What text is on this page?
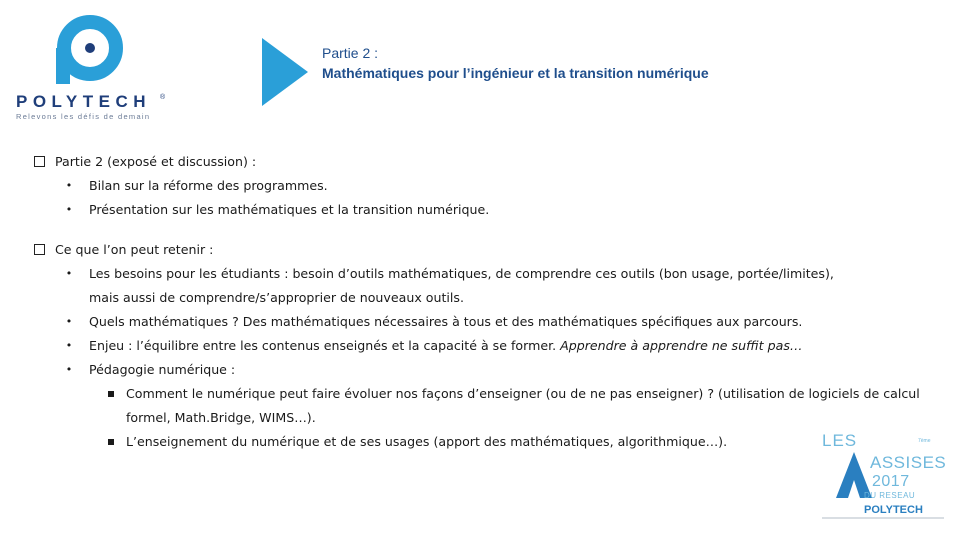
POLYTECH ®
Relevons les défis de demain
Partie 2 :
Mathématiques pour l’ingénieur et la transition numérique
Partie 2 (exposé et discussion) :
• Bilan sur la réforme des programmes.
• Présentation sur les mathématiques et la transition numérique.
Ce que l’on peut retenir :
• Les besoins pour les étudiants : besoin d’outils mathématiques, de comprendre ces outils (bon usage, portée/limites), mais aussi de comprendre/s’approprier de nouveaux outils.
• Quels mathématiques ? Des mathématiques nécessaires à tous et des mathématiques spécifiques aux parcours.
• Enjeu : l’équilibre entre les contenus enseignés et la capacité à se former. Apprendre à apprendre ne suffit pas…
• Pédagogie numérique :
Comment le numérique peut faire évoluer nos façons d’enseigner (ou de ne pas enseigner) ? (utilisation de logiciels de calcul formel, Math.Bridge, WIMS…).
L’enseignement du numérique et de ses usages (apport des mathématiques, algorithmique…).	LES	7ème
ASSISES
2017
DU RESEAU
POLYTECH
